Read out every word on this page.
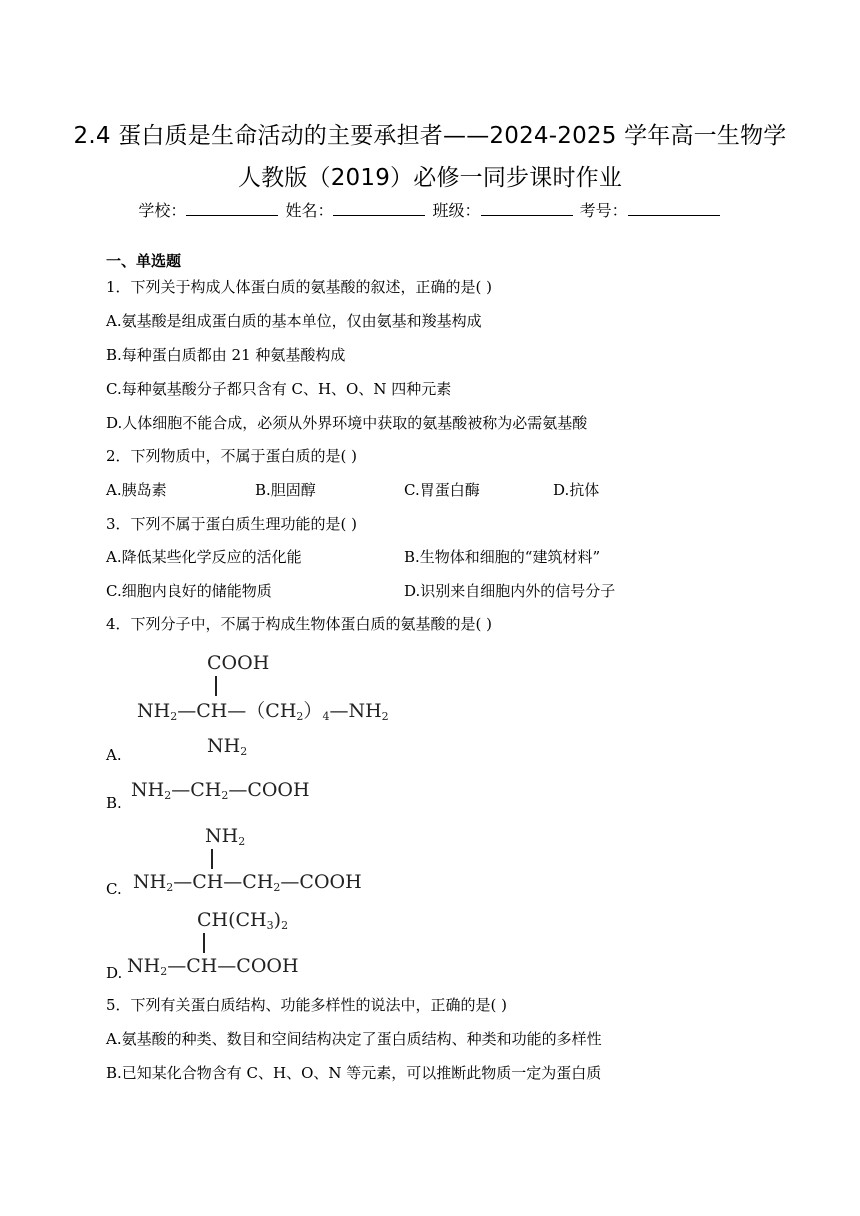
2.4 蛋白质是生命活动的主要承担者——2024-2025 学年高一生物学
人教版（2019）必修一同步课时作业
学校：	姓名：	班级：	考号：
一、单选题
1．下列关于构成人体蛋白质的氨基酸的叙述，正确的是( )
A.氨基酸是组成蛋白质的基本单位，仅由氨基和羧基构成
B.每种蛋白质都由 21 种氨基酸构成
C.每种氨基酸分子都只含有 C、H、O、N 四种元素
D.人体细胞不能合成，必须从外界环境中获取的氨基酸被称为必需氨基酸
2．下列物质中，不属于蛋白质的是( )
A.胰岛素	B.胆固醇	C.胃蛋白酶	D.抗体
3．下列不属于蛋白质生理功能的是( )
A.降低某些化学反应的活化能	B.生物体和细胞的“建筑材料”
C.细胞内良好的储能物质	D.识别来自细胞内外的信号分子
4．下列分子中，不属于构成生物体蛋白质的氨基酸的是( )
COOH
$NH_2—CH—(CH_2)_4—NH_2$
$NH_2$
A.
$NH_2—CH_2—COOH$
B.
$NH_2$
$NH_2—CH—CH_2—COOH$
C.
$CH(CH_3)_2$
$NH_2—CH—COOH$
D.
5．下列有关蛋白质结构、功能多样性的说法中，正确的是( )
A.氨基酸的种类、数目和空间结构决定了蛋白质结构、种类和功能的多样性
B.已知某化合物含有 C、H、O、N 等元素，可以推断此物质一定为蛋白质
